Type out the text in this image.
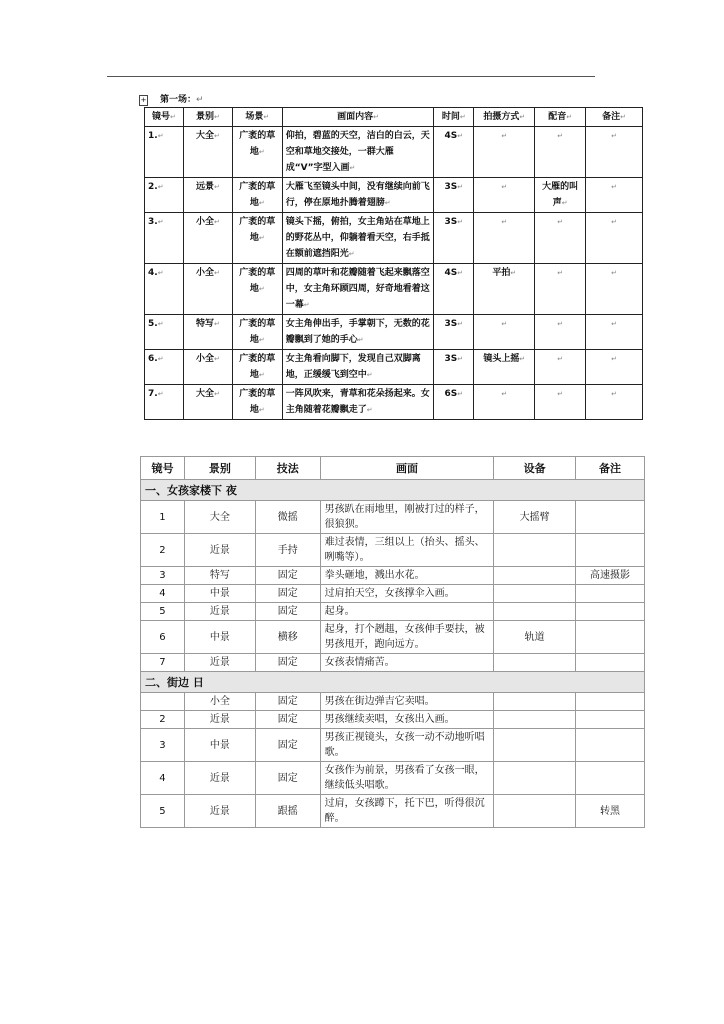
+ 第一场：↵
镜号↵	景别↵	场景↵	画面内容↵	时间↵	拍摄方式↵	配音↵	备注↵
1.↵	大全↵	广袤的草地↵	仰拍，碧蓝的天空，洁白的白云，天空和草地交接处，一群大雁成“V”字型入画↵	4S↵	↵	↵	↵
2.↵	远景↵	广袤的草地↵	大雁飞至镜头中间，没有继续向前飞行，停在原地扑腾着翅膀↵	3S↵	↵	大雁的叫声↵	↵
3.↵	小全↵	广袤的草地↵	镜头下摇，俯拍，女主角站在草地上的野花丛中，仰躺着看天空，右手抵在额前遮挡阳光↵	3S↵	↵	↵	↵
4.↵	小全↵	广袤的草地↵	四周的草叶和花瓣随着飞起来飘落空中，女主角环顾四周，好奇地看着这一幕↵	4S↵	平拍↵	↵	↵
5.↵	特写↵	广袤的草地↵	女主角伸出手，手掌朝下，无数的花瓣飘到了她的手心↵	3S↵	↵	↵	↵
6.↵	小全↵	广袤的草地↵	女主角看向脚下，发现自己双脚离地，正缓缓飞到空中↵	3S↵	镜头上摇↵	↵	↵
7.↵	大全↵	广袤的草地↵	一阵风吹来，青草和花朵扬起来。女主角随着花瓣飘走了↵	6S↵	↵	↵	↵
镜号	景别	技法	画面	设备	备注
一、女孩家楼下 夜					
1	大全	微摇	男孩趴在雨地里，刚被打过的样子，很狼狈。	大摇臂	
2	近景	手持	难过表情，三组以上（抬头、摇头、咧嘴等）。		
3	特写	固定	拳头砸地，溅出水花。		高速摄影
4	中景	固定	过肩拍天空，女孩撑伞入画。		
5	近景	固定	起身。		
6	中景	横移	起身，打个趔趄，女孩伸手要扶，被男孩甩开，跑向远方。	轨道	
7	近景	固定	女孩表情痛苦。		
二、街边 日					
	小全	固定	男孩在街边弹吉它卖唱。		
2	近景	固定	男孩继续卖唱，女孩出入画。		
3	中景	固定	男孩正视镜头，女孩一动不动地听唱歌。		
4	近景	固定	女孩作为前景，男孩看了女孩一眼，继续低头唱歌。		
5	近景	跟摇	过肩，女孩蹲下，托下巴，听得很沉醉。		转黑
